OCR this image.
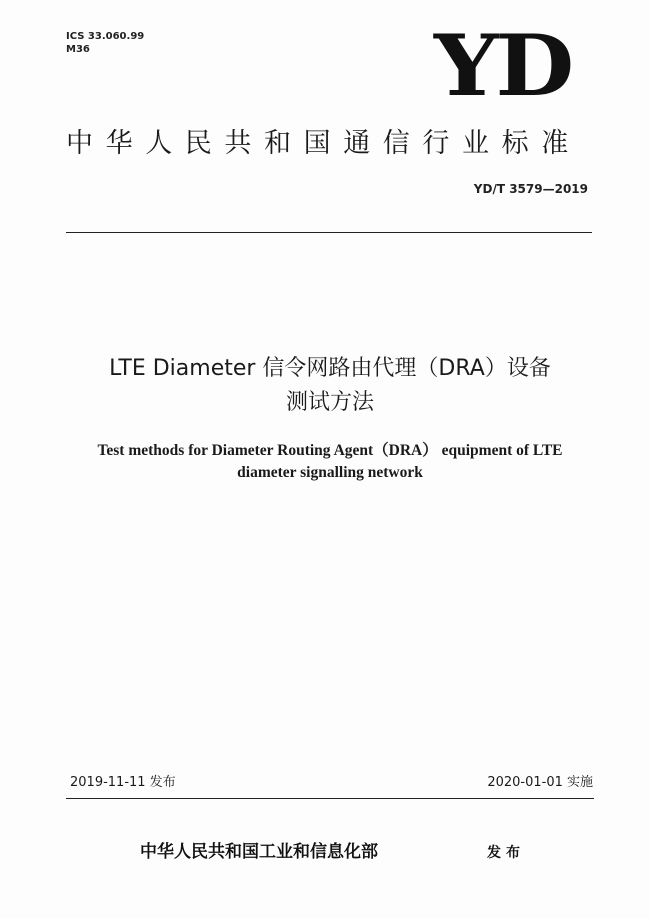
ICS 33.060.99
M36	YD
中华人民共和国通信行业标准
YD/T 3579—2019
LTE Diameter 信令网路由代理（DRA）设备
测试方法
Test methods for Diameter Routing Agent（DRA） equipment of LTE
diameter signalling network
2019-11-11 发布	2020-01-01 实施
中华人民共和国工业和信息化部	发布
